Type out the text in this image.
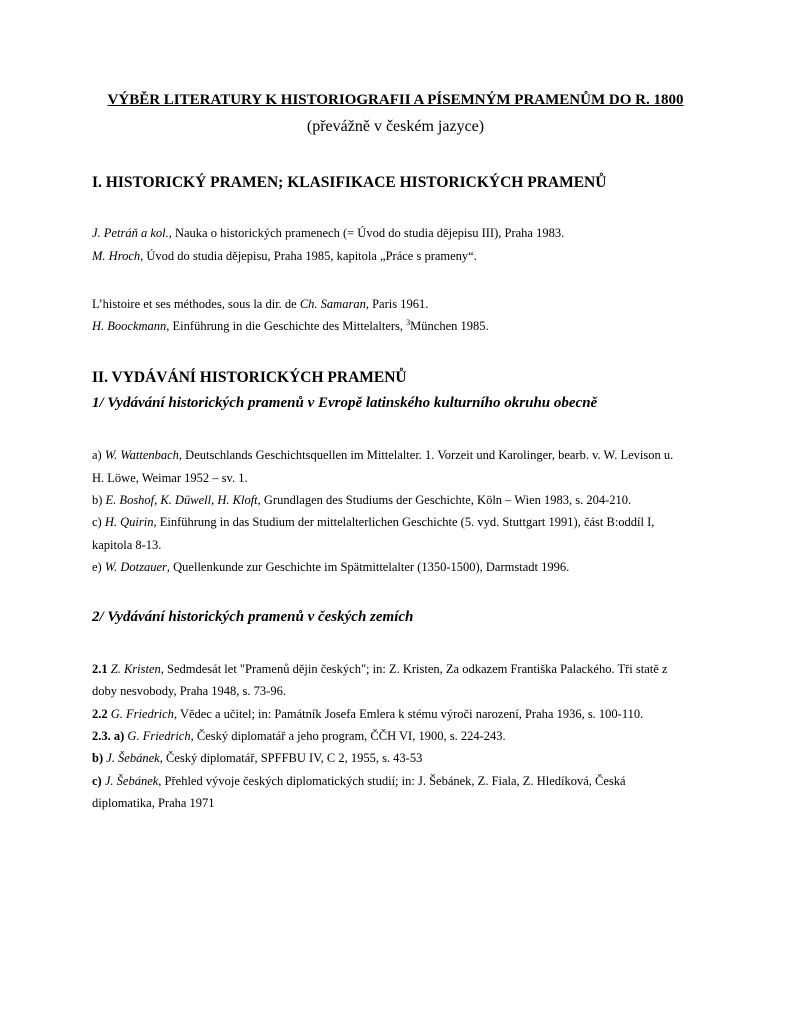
VÝBĚR LITERATURY K HISTORIOGRAFII A PÍSEMNÝM PRAMENŮM DO R. 1800
(převážně v českém jazyce)
I. HISTORICKÝ PRAMEN; KLASIFIKACE HISTORICKÝCH PRAMENŮ
J. Petráň a kol., Nauka o historických pramenech (= Úvod do studia dějepisu III), Praha 1983.
M. Hroch, Úvod do studia dějepisu, Praha 1985, kapitola „Práce s prameny“.
L’histoire et ses méthodes, sous la dir. de Ch. Samaran, Paris 1961.
H. Boockmann, Einführung in die Geschichte des Mittelalters, $^3$München 1985.
II. VYDÁVÁNÍ HISTORICKÝCH PRAMENŮ
1/ Vydávání historických pramenů v Evropě latinského kulturního okruhu obecně
a) W. Wattenbach, Deutschlands Geschichtsquellen im Mittelalter. 1. Vorzeit und Karolinger, bearb. v. W. Levison u.
H. Löwe, Weimar 1952 – sv. 1.
b) E. Boshof, K. Düwell, H. Kloft, Grundlagen des Studiums der Geschichte, Köln – Wien 1983, s. 204-210.
c) H. Quirin, Einführung in das Studium der mittelalterlichen Geschichte (5. vyd. Stuttgart 1991), část B:oddíl I,
kapitola 8-13.
e) W. Dotzauer, Quellenkunde zur Geschichte im Spätmittelalter (1350-1500), Darmstadt 1996.
2/ Vydávání historických pramenů v českých zemích
2.1 Z. Kristen, Sedmdesát let "Pramenů dějin českých"; in: Z. Kristen, Za odkazem Františka Palackého. Tři statě z
doby nesvobody, Praha 1948, s. 73-96.
2.2 G. Friedrich, Vědec a učitel; in: Památník Josefa Emlera k stému výroči narození, Praha 1936, s. 100-110.
2.3. a) G. Friedrich, Český diplomatář a jeho program, ČČH VI, 1900, s. 224-243.
b) J. Šebánek, Český diplomatář, SPFFBU IV, C 2, 1955, s. 43-53
c) J. Šebánek, Přehled vývoje českých diplomatických studií; in: J. Šebánek, Z. Fiala, Z. Hledíková, Česká
diplomatika, Praha 1971
